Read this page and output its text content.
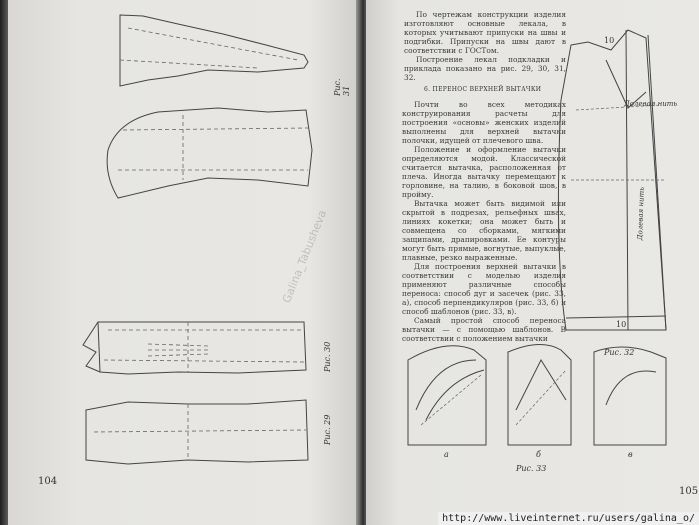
Рис. 31
Рис. 30
Рис. 29
Galina_Tabusheva
104

По чертежам конструкции изделия изготовляют основные лекала, в которых учитывают припуски на швы и подгибки. Припуски на швы дают в соответствии с ГОСТом.

Построение лекал подкладки и прикладa показано на рис. 29, 30, 31, 32.

6. ПЕРЕНОС ВЕРХНЕЙ ВЫТАЧКИ

Почти во всех методиках конструирования расчеты для построения «основы» женских изделий выполнены для верхней вытачки полочки, идущей от плечевого шва.

Положение и оформление вытачки определяются модой. Классической считается вытачка, расположенная от плеча. Иногда вытачку перемещают к горловине, на талию, в боковой шов, в пройму.

Вытачка может быть видимой или скрытой в подрезах, рельефных швах, линиях кокетки; она может быть и совмещена со сборками, мягкими защипами, драпировками. Ее контуры могут быть прямые, вогнутые, выпуклые, плавные, резко выраженные.

Для построения верхней вытачки в соответствии с моделью изделия применяют различные способы переноса: способ дуг и засечек (рис. 33, а), способ перпендикуляров (рис. 33, б) и способ шаблонов (рис. 33, в).

Самый простой способ переноса вытачки — с помощью шаблонов. В соответствии с положением вытачки

Долевая нить
Долевая нить
10
10
Рис. 32
а	б	в
Рис. 33
105
http://www.liveinternet.ru/users/galina_o/
